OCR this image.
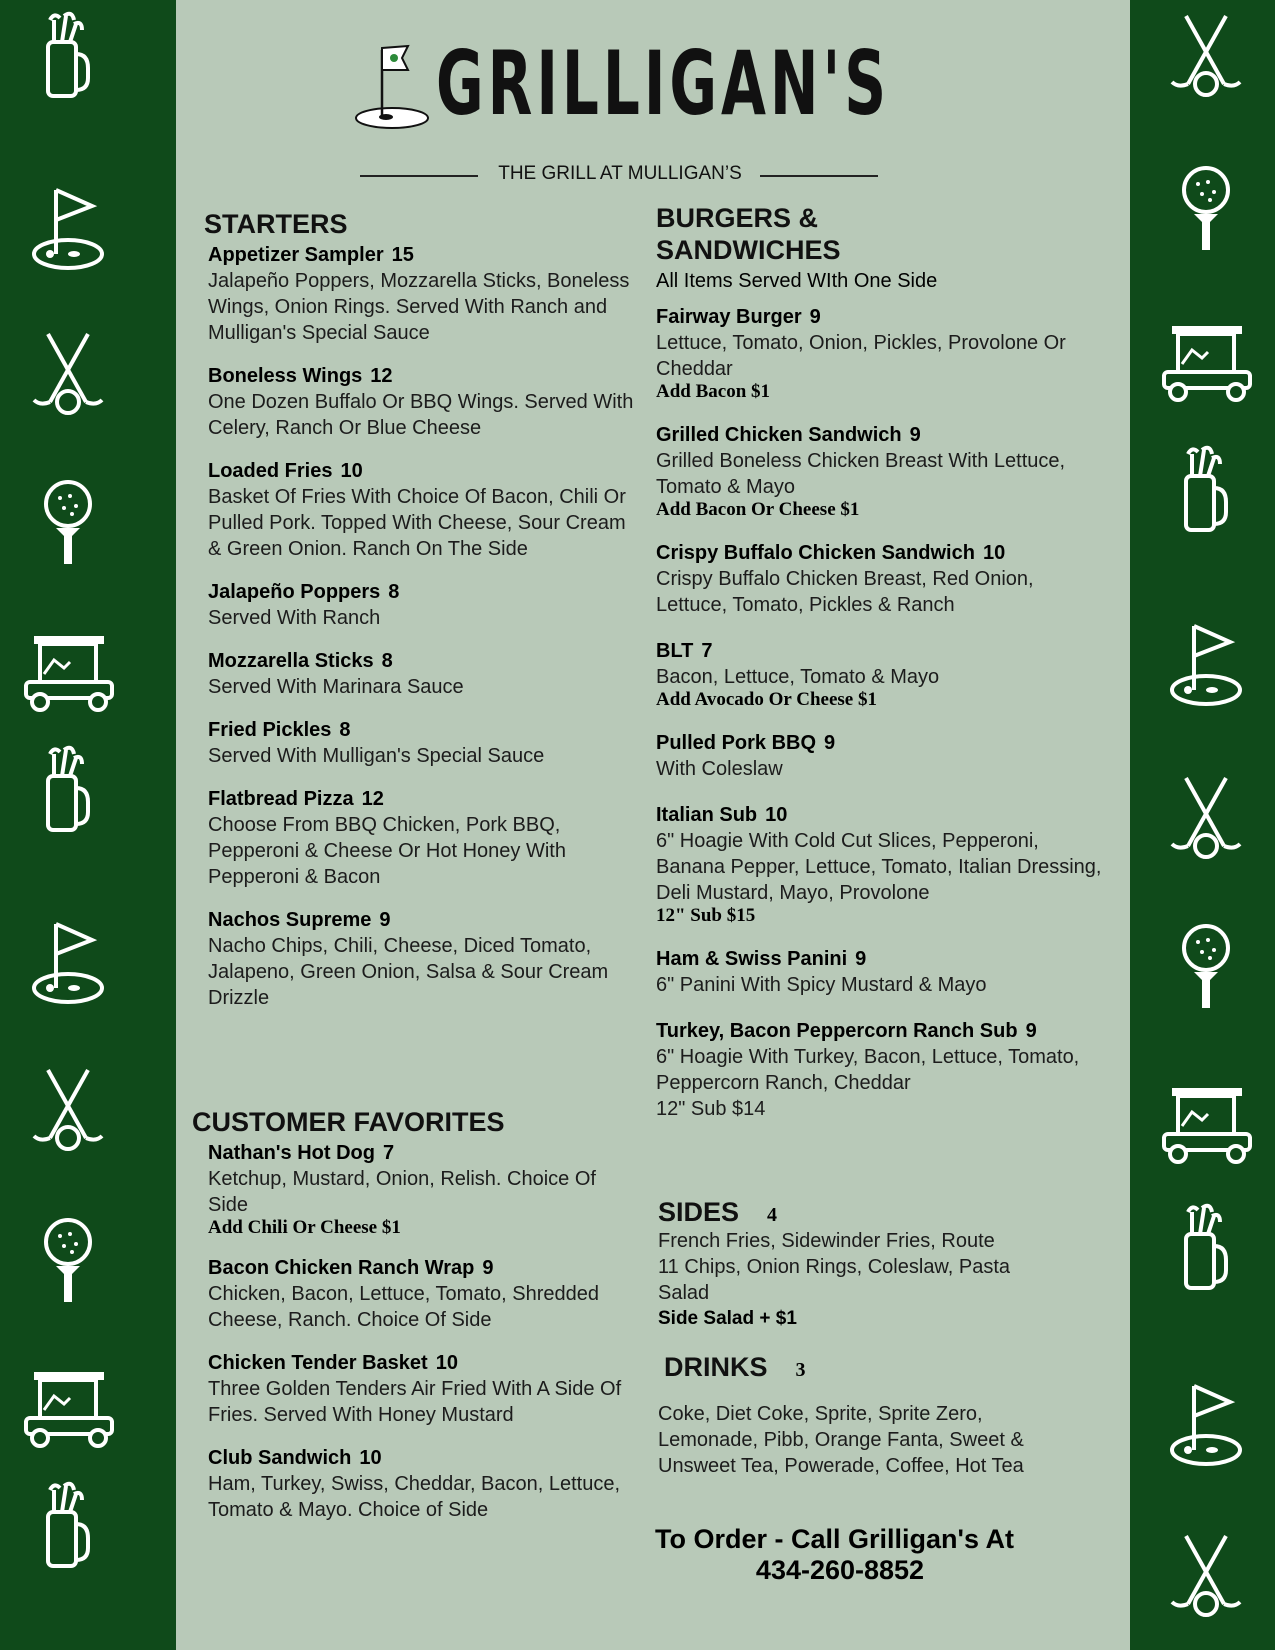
GRILLIGAN'S
THE GRILL AT MULLIGAN’S
STARTERS

Appetizer Sampler 15

Jalapeño Poppers, Mozzarella Sticks, Boneless Wings, Onion Rings. Served With Ranch and Mulligan's Special Sauce

Boneless Wings 12

One Dozen Buffalo Or BBQ Wings. Served With Celery, Ranch Or Blue Cheese

Loaded Fries 10

Basket Of Fries With Choice Of Bacon, Chili Or Pulled Pork. Topped With Cheese, Sour Cream & Green Onion. Ranch On The Side

Jalapeño Poppers 8

Served With Ranch

Mozzarella Sticks 8

Served With Marinara Sauce

Fried Pickles 8

Served With Mulligan's Special Sauce

Flatbread Pizza 12

Choose From BBQ Chicken, Pork BBQ, Pepperoni & Cheese Or Hot Honey With Pepperoni & Bacon

Nachos Supreme 9

Nacho Chips, Chili, Cheese, Diced Tomato, Jalapeno, Green Onion, Salsa & Sour Cream Drizzle

CUSTOMER FAVORITES

Nathan's Hot Dog 7

Ketchup, Mustard, Onion, Relish. Choice Of Side

Add Chili Or Cheese $1

Bacon Chicken Ranch Wrap 9

Chicken, Bacon, Lettuce, Tomato, Shredded Cheese, Ranch. Choice Of Side

Chicken Tender Basket 10

Three Golden Tenders Air Fried With A Side Of Fries. Served With Honey Mustard

Club Sandwich 10

Ham, Turkey, Swiss, Cheddar, Bacon, Lettuce, Tomato & Mayo. Choice of Side

BURGERS &
SANDWICHES

All Items Served WIth One Side

Fairway Burger 9

Lettuce, Tomato, Onion, Pickles, Provolone Or Cheddar

Add Bacon $1

Grilled Chicken Sandwich 9

Grilled Boneless Chicken Breast With Lettuce, Tomato & Mayo

Add Bacon Or Cheese $1

Crispy Buffalo Chicken Sandwich 10

Crispy Buffalo Chicken Breast, Red Onion, Lettuce, Tomato, Pickles & Ranch

BLT 7

Bacon, Lettuce, Tomato & Mayo

Add Avocado Or Cheese $1

Pulled Pork BBQ 9

With Coleslaw

Italian Sub 10

6" Hoagie With Cold Cut Slices, Pepperoni, Banana Pepper, Lettuce, Tomato, Italian Dressing, Deli Mustard, Mayo, Provolone

12" Sub $15

Ham & Swiss Panini 9

6" Panini With Spicy Mustard & Mayo

Turkey, Bacon Peppercorn Ranch Sub 9

6" Hoagie With Turkey, Bacon, Lettuce, Tomato, Peppercorn Ranch, Cheddar

12" Sub $14

SIDES 4

French Fries, Sidewinder Fries, Route 11 Chips, Onion Rings, Coleslaw, Pasta Salad

Side Salad + $1

DRINKS 3

Coke, Diet Coke, Sprite, Sprite Zero, Lemonade, Pibb, Orange Fanta, Sweet & Unsweet Tea, Powerade, Coffee, Hot Tea

To Order - Call Grilligan's At
434-260-8852
